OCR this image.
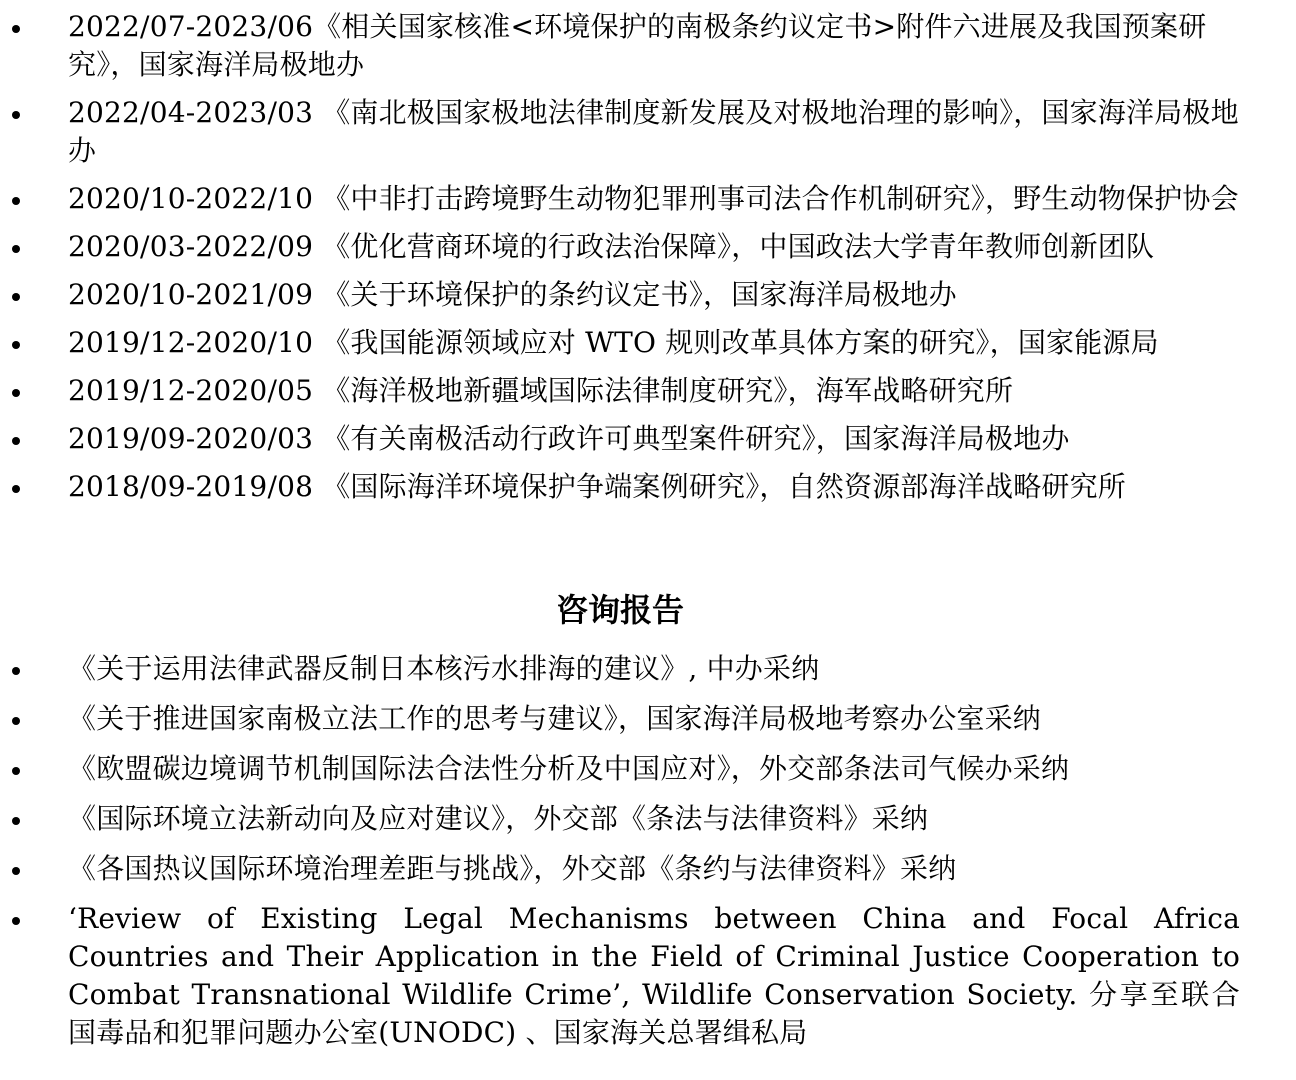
2022/07-2023/06《相关国家核准<环境保护的南极条约议定书>附件六进展及我国预案研究》，国家海洋局极地办
2022/04-2023/03 《南北极国家极地法律制度新发展及对极地治理的影响》，国家海洋局极地办
2020/10-2022/10 《中非打击跨境野生动物犯罪刑事司法合作机制研究》，野生动物保护协会
2020/03-2022/09 《优化营商环境的行政法治保障》，中国政法大学青年教师创新团队
2020/10-2021/09 《关于环境保护的条约议定书》，国家海洋局极地办
2019/12-2020/10 《我国能源领域应对 WTO 规则改革具体方案的研究》，国家能源局
2019/12-2020/05 《海洋极地新疆域国际法律制度研究》，海军战略研究所
2019/09-2020/03 《有关南极活动行政许可典型案件研究》，国家海洋局极地办
2018/09-2019/08 《国际海洋环境保护争端案例研究》，自然资源部海洋战略研究所
咨询报告
《关于运用法律武器反制日本核污水排海的建议》, 中办采纳
《关于推进国家南极立法工作的思考与建议》，国家海洋局极地考察办公室采纳
《欧盟碳边境调节机制国际法合法性分析及中国应对》，外交部条法司气候办采纳
《国际环境立法新动向及应对建议》，外交部《条法与法律资料》采纳
《各国热议国际环境治理差距与挑战》，外交部《条约与法律资料》采纳
‘Review of Existing Legal Mechanisms between China and Focal Africa Countries and Their Application in the Field of Criminal Justice Cooperation to Combat Transnational Wildlife Crime’, Wildlife Conservation Society. 分享至联合国毒品和犯罪问题办公室(UNODC) 、国家海关总署缉私局
